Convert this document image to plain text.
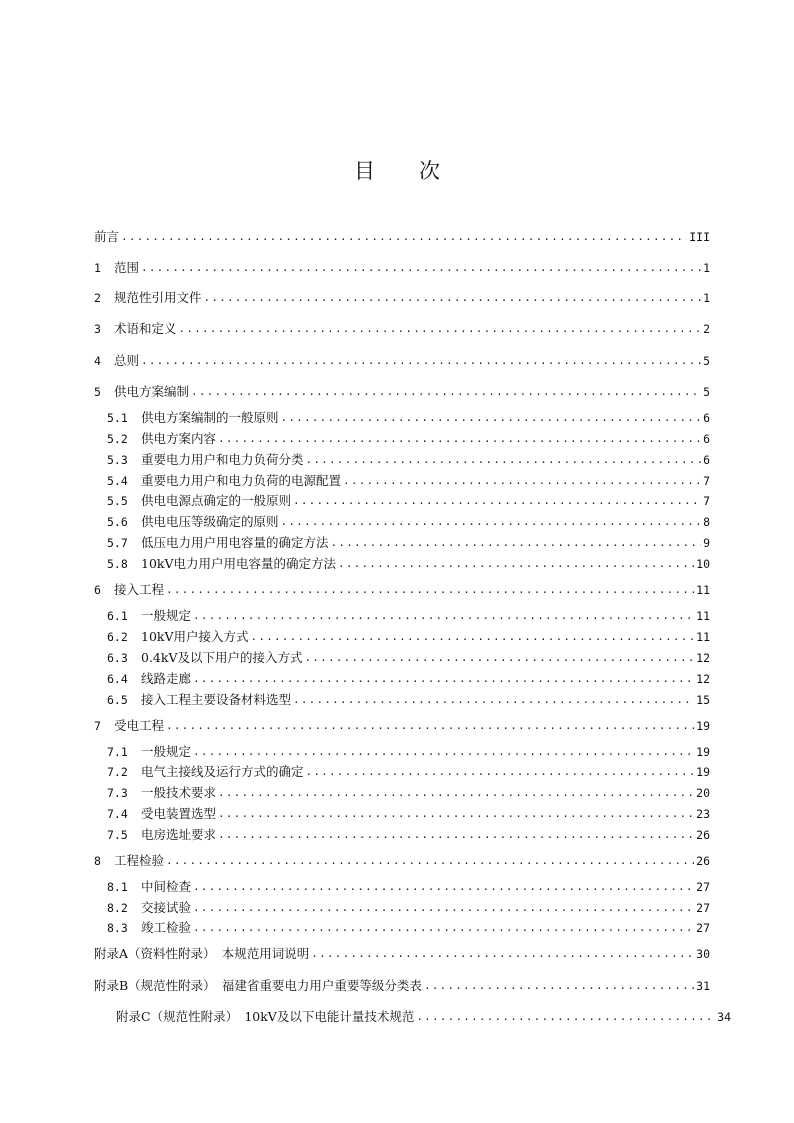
目 次
前言 .....	III
1	范围 .....	1
2	规范性引用文件 .....	1
3	术语和定义 .....	2
4	总则 .....	5
5	供电方案编制 .....	5
5.1	供电方案编制的一般原则 .....	6
5.2	供电方案内容 .....	6
5.3	重要电力用户和电力负荷分类 .....	6
5.4	重要电力用户和电力负荷的电源配置 .....	7
5.5	供电电源点确定的一般原则 .....	7
5.6	供电电压等级确定的原则 .....	8
5.7	低压电力用户用电容量的确定方法 .....	9
5.8	10kV电力用户用电容量的确定方法 .....	10
6	接入工程 .....	11
6.1	一般规定 .....	11
6.2	10kV用户接入方式 .....	11
6.3	0.4kV及以下用户的接入方式 .....	12
6.4	线路走廊 .....	12
6.5	接入工程主要设备材料选型 .....	15
7	受电工程 .....	19
7.1	一般规定 .....	19
7.2	电气主接线及运行方式的确定 .....	19
7.3	一般技术要求 .....	20
7.4	受电装置选型 .....	23
7.5	电房选址要求 .....	26
8	工程检验 .....	26
8.1	中间检查 .....	27
8.2	交接试验 .....	27
8.3	竣工检验 .....	27
附录A（资料性附录）　本规范用词说明 .....	30
附录B（规范性附录）　福建省重要电力用户重要等级分类表 .....	31
附录C（规范性附录）　10kV及以下电能计量技术规范 .....	34
